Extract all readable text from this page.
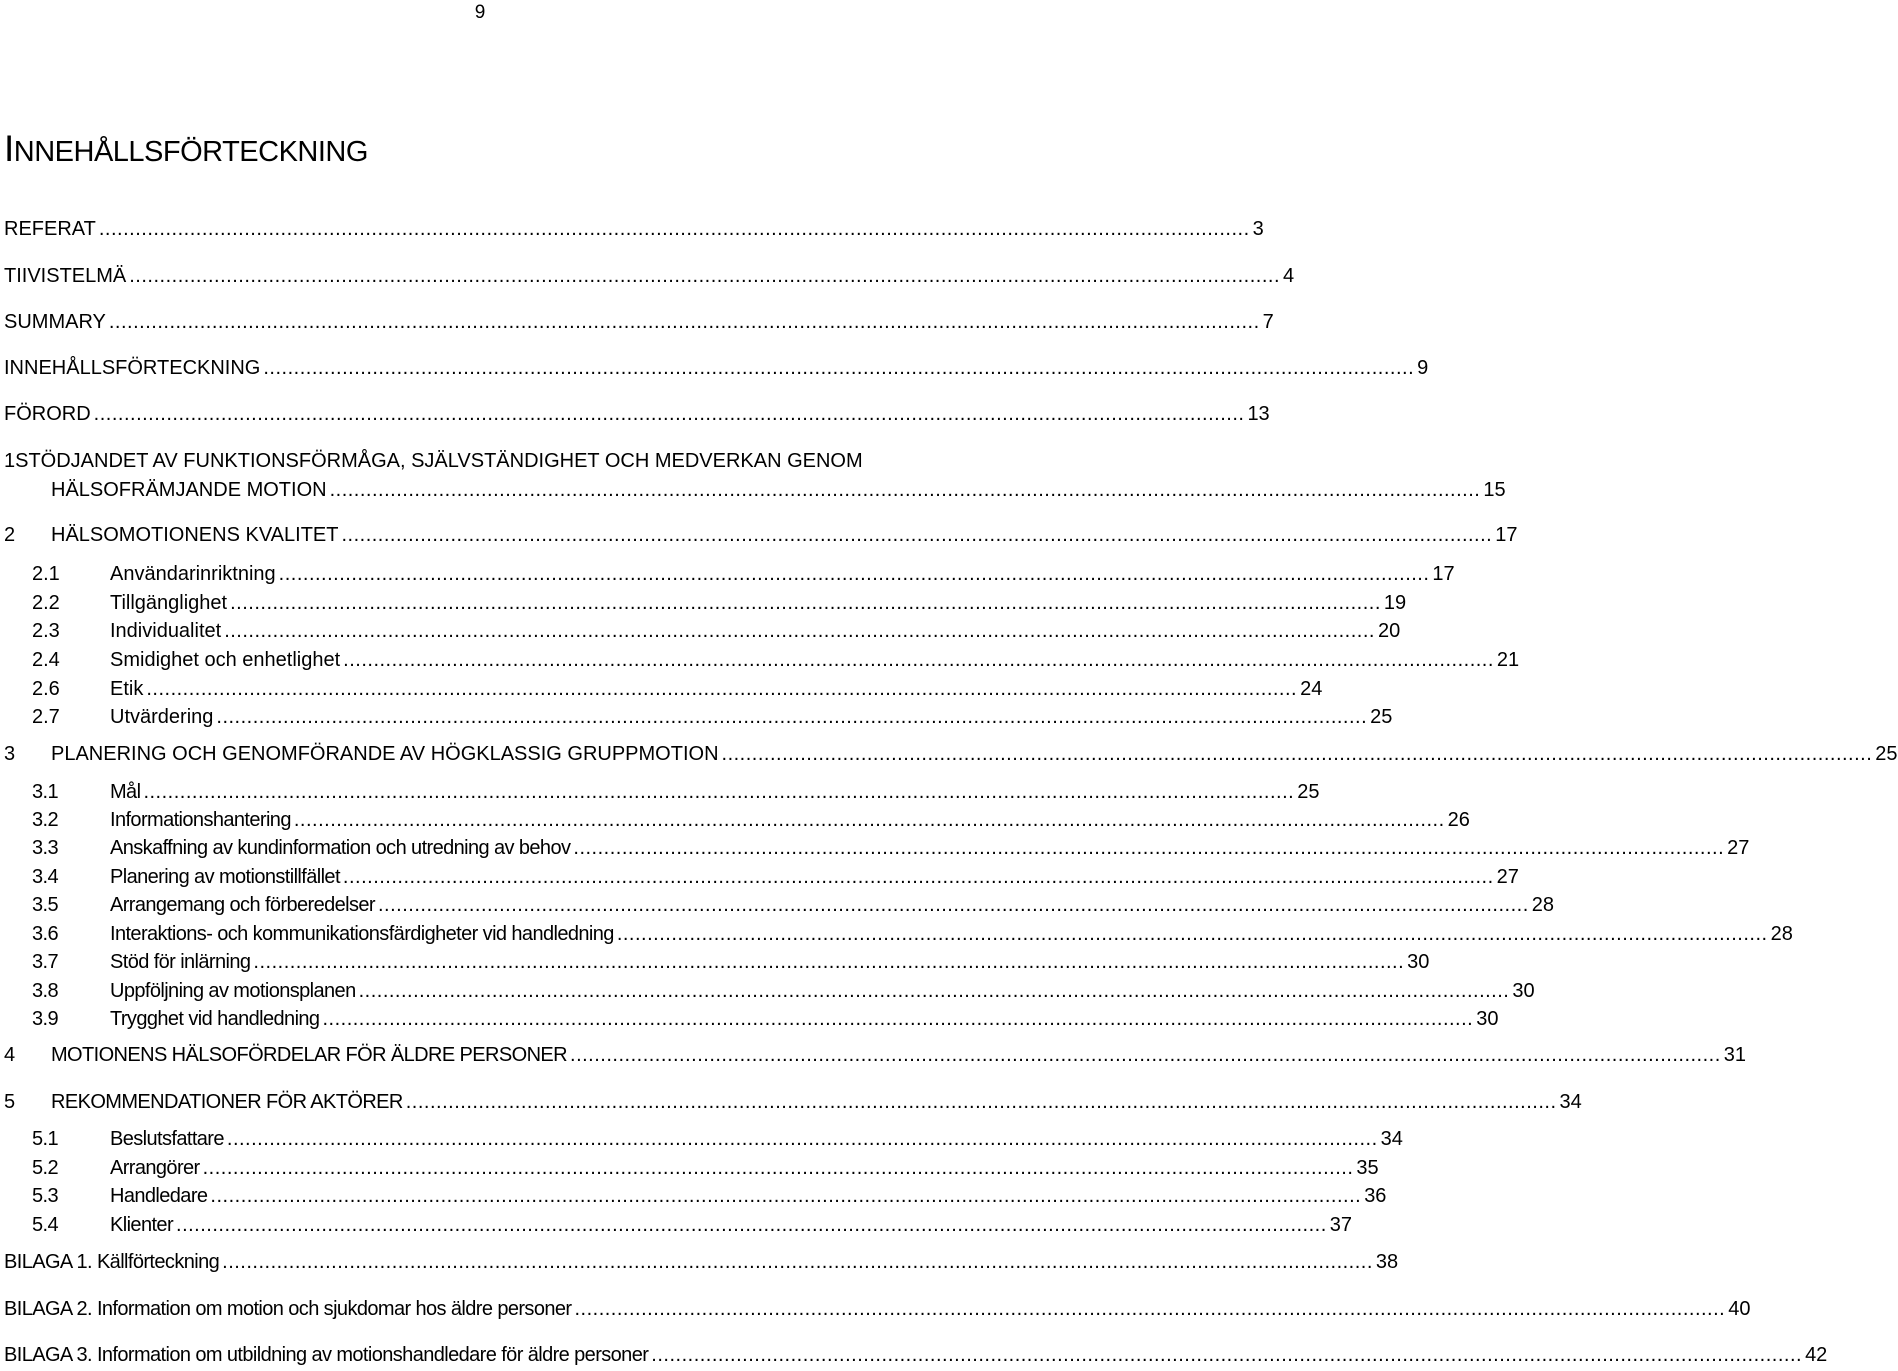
9
INNEHÅLLSFÖRTECKNING
REFERAT .............................................................................................................................................................................................. 3
TIIVISTELMÄ .............................................................................................................................................................................................. 4
SUMMARY .............................................................................................................................................................................................. 7
INNEHÅLLSFÖRTECKNING .............................................................................................................................................................................................. 9
FÖRORD .............................................................................................................................................................................................. 13
1STÖDJANDET AV FUNKTIONSFÖRMÅGA, SJÄLVSTÄNDIGHET OCH MEDVERKAN GENOM
HÄLSOFRÄMJANDE MOTION .............................................................................................................................................................................................. 15
2	HÄLSOMOTIONENS KVALITET .............................................................................................................................................................................................. 17
2.1	Användarinriktning .............................................................................................................................................................................................. 17
2.2	Tillgänglighet .............................................................................................................................................................................................. 19
2.3	Individualitet .............................................................................................................................................................................................. 20
2.4	Smidighet och enhetlighet .............................................................................................................................................................................................. 21
2.6	Etik .............................................................................................................................................................................................. 24
2.7	Utvärdering .............................................................................................................................................................................................. 25
3	PLANERING OCH GENOMFÖRANDE AV HÖGKLASSIG GRUPPMOTION .............................................................................................................................................................................................. 25
3.1	Mål .............................................................................................................................................................................................. 25
3.2	Informationshantering .............................................................................................................................................................................................. 26
3.3	Anskaffning av kundinformation och utredning av behov .............................................................................................................................................................................................. 27
3.4	Planering av motionstillfället .............................................................................................................................................................................................. 27
3.5	Arrangemang och förberedelser .............................................................................................................................................................................................. 28
3.6	Interaktions- och kommunikationsfärdigheter vid handledning .............................................................................................................................................................................................. 28
3.7	Stöd för inlärning .............................................................................................................................................................................................. 30
3.8	Uppföljning av motionsplanen .............................................................................................................................................................................................. 30
3.9	Trygghet vid handledning .............................................................................................................................................................................................. 30
4	MOTIONENS HÄLSOFÖRDELAR FÖR ÄLDRE PERSONER .............................................................................................................................................................................................. 31
5	REKOMMENDATIONER FÖR AKTÖRER .............................................................................................................................................................................................. 34
5.1	Beslutsfattare .............................................................................................................................................................................................. 34
5.2	Arrangörer .............................................................................................................................................................................................. 35
5.3	Handledare .............................................................................................................................................................................................. 36
5.4	Klienter .............................................................................................................................................................................................. 37
BILAGA 1. Källförteckning .............................................................................................................................................................................................. 38
BILAGA 2. Information om motion och sjukdomar hos äldre personer .............................................................................................................................................................................................. 40
BILAGA 3. Information om utbildning av motionshandledare för äldre personer .............................................................................................................................................................................................. 42
